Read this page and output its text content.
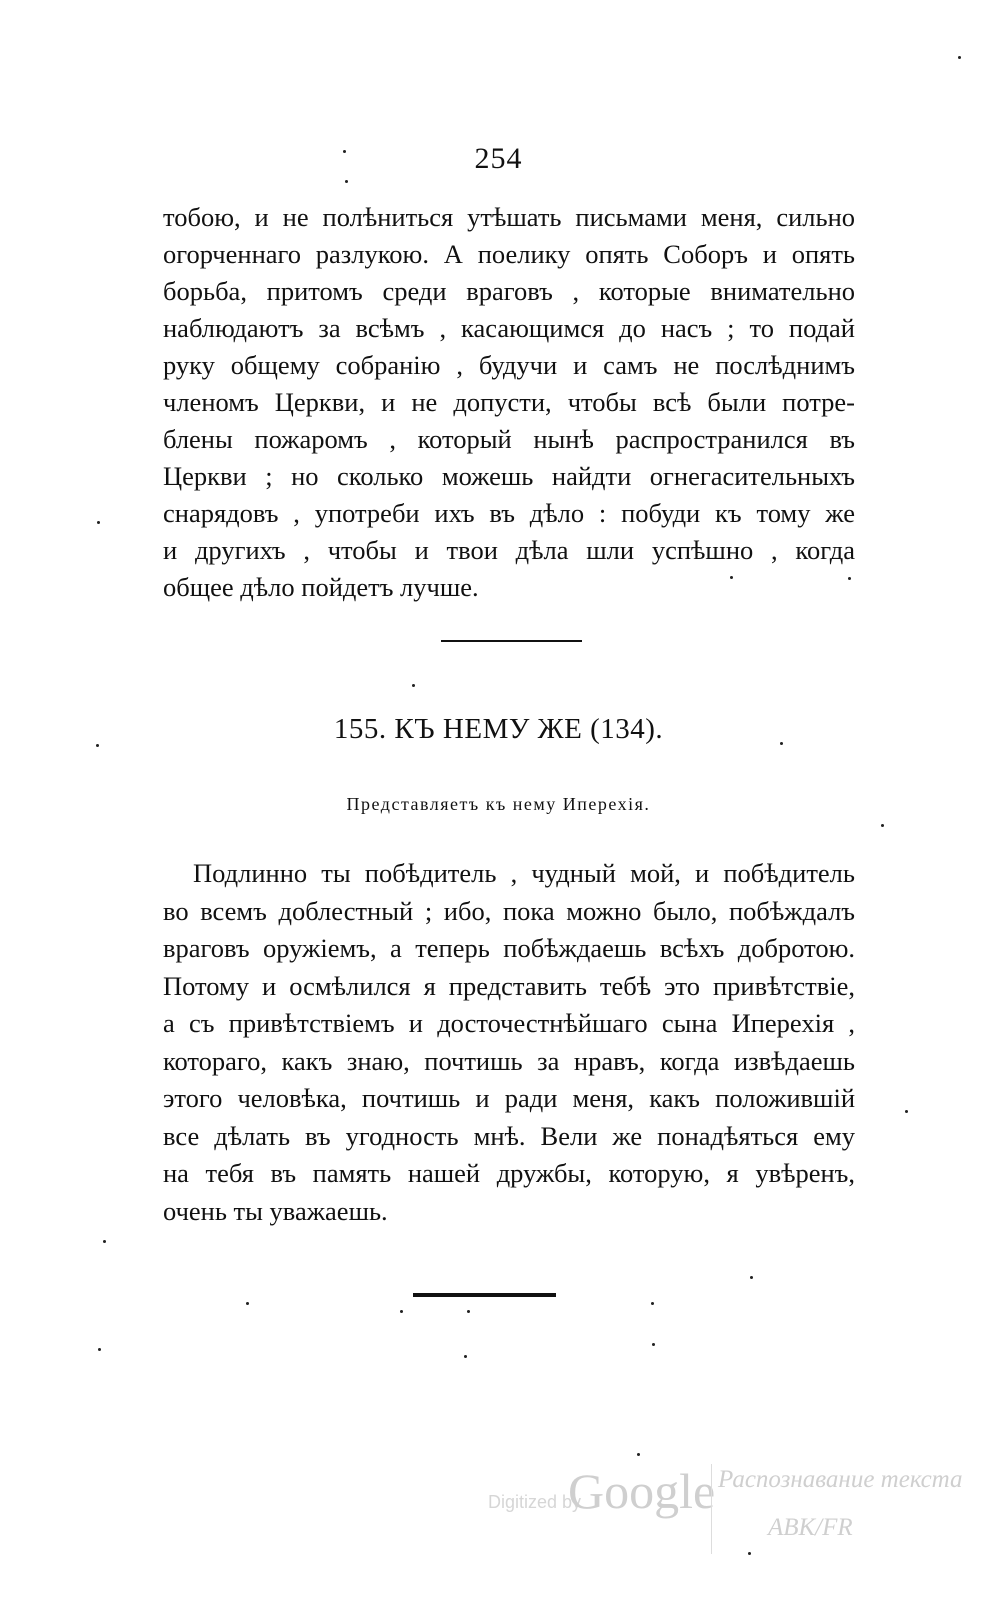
254
тобою, и не полѣниться утѣшать письмами меня, сильно
огорченнаго разлукою. А поелику опять Соборъ и опять
борьба, притомъ среди враговъ , которые внимательно
наблюдаютъ за всѣмъ , касающимся до насъ ; то подай
руку общему собранію , будучи и самъ не послѣднимъ
членомъ Церкви, и не допусти, чтобы всѣ были потре-
блены пожаромъ , который нынѣ распространился въ
Церкви ; но сколько можешь найдти огнегасительныхъ
снарядовъ , употреби ихъ въ дѣло : побуди къ тому же
и другихъ , чтобы и твои дѣла шли успѣшно , когда
общее дѣло пойдетъ лучше.
155. КЪ НЕМУ ЖЕ (134).
Представляетъ къ нему Иперехія.
Подлинно ты побѣдитель , чудный мой, и побѣдитель
во всемъ доблестный ; ибо, пока можно было, побѣждалъ
враговъ оружіемъ, а теперь побѣждаешь всѣхъ добротою.
Потому и осмѣлился я представить тебѣ это привѣтствіе,
а съ привѣтствіемъ и досточестнѣйшаго сына Иперехія ,
котораго, какъ знаю, почтишь за нравъ, когда извѣдаешь
этого человѣка, почтишь и ради меня, какъ положившій
все дѣлать въ угодность мнѣ. Вели же понадѣяться ему
на тебя въ память нашей дружбы, которую, я увѣренъ,
очень ты уважаешь.
Digitized by
Google Распознавание текста
АВК/FR
